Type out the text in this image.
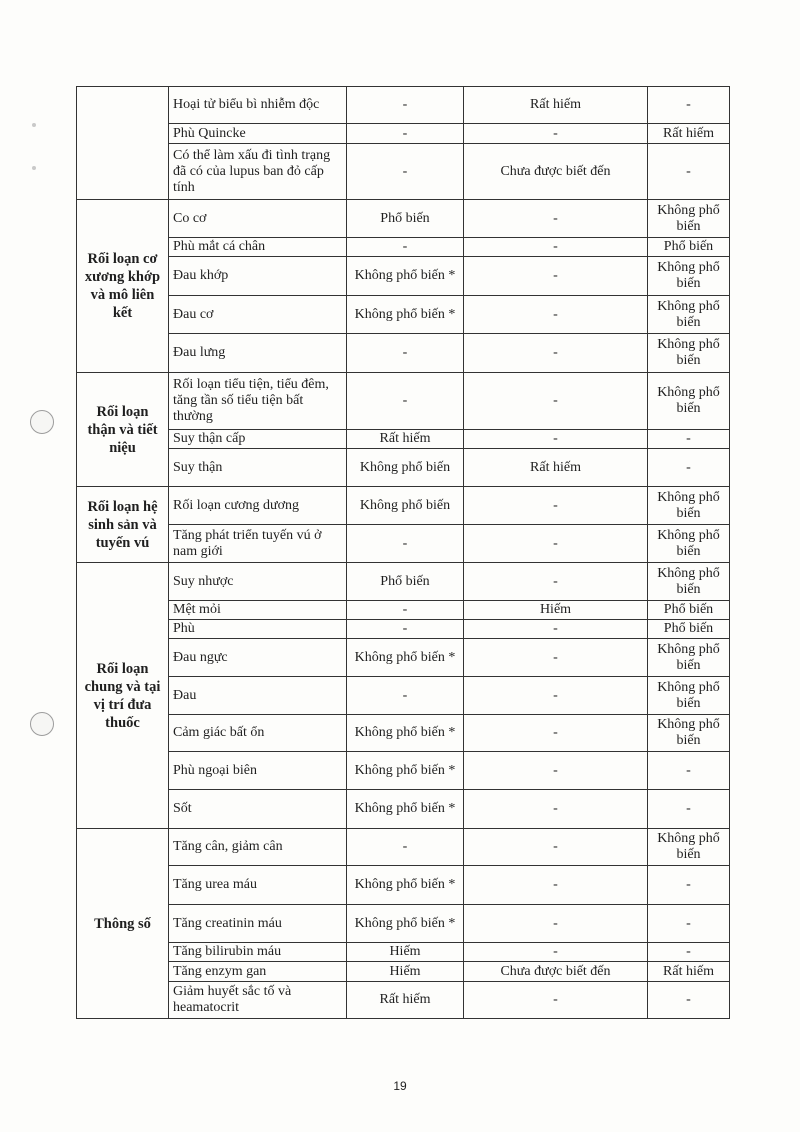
	Hoại tử biểu bì nhiễm độc	-	Rất hiếm	-
	Phù Quincke	-	-	Rất hiếm
	Có thể làm xấu đi tình trạng đã có của lupus ban đỏ cấp tính	-	Chưa được biết đến	-
Rối loạn cơ xương khớp và mô liên kết	Co cơ	Phổ biến	-	Không phổ biến
	Phù mắt cá chân	-	-	Phổ biến
	Đau khớp	Không phổ biến *	-	Không phổ biến
	Đau cơ	Không phổ biến *	-	Không phổ biến
	Đau lưng	-	-	Không phổ biến
Rối loạn thận và tiết niệu	Rối loạn tiểu tiện, tiểu đêm, tăng tần số tiểu tiện bất thường	-	-	Không phổ biến
	Suy thận cấp	Rất hiếm	-	-
	Suy thận	Không phổ biến	Rất hiếm	-
Rối loạn hệ sinh sản và tuyến vú	Rối loạn cương dương	Không phổ biến	-	Không phổ biến
	Tăng phát triển tuyến vú ở nam giới	-	-	Không phổ biến
Rối loạn chung và tại vị trí đưa thuốc	Suy nhược	Phổ biến	-	Không phổ biến
	Mệt mỏi	-	Hiếm	Phổ biến
	Phù	-	-	Phổ biến
	Đau ngực	Không phổ biến *	-	Không phổ biến
	Đau	-	-	Không phổ biến
	Cảm giác bất ổn	Không phổ biến *	-	Không phổ biến
	Phù ngoại biên	Không phổ biến *	-	-
	Sốt	Không phổ biến *	-	-
Thông số	Tăng cân, giảm cân	-	-	Không phổ biến
	Tăng urea máu	Không phổ biến *	-	-
	Tăng creatinin máu	Không phổ biến *	-	-
	Tăng bilirubin máu	Hiếm	-	-
	Tăng enzym gan	Hiếm	Chưa được biết đến	Rất hiếm
	Giảm huyết sắc tố và heamatocrit	Rất hiếm	-	-
19
